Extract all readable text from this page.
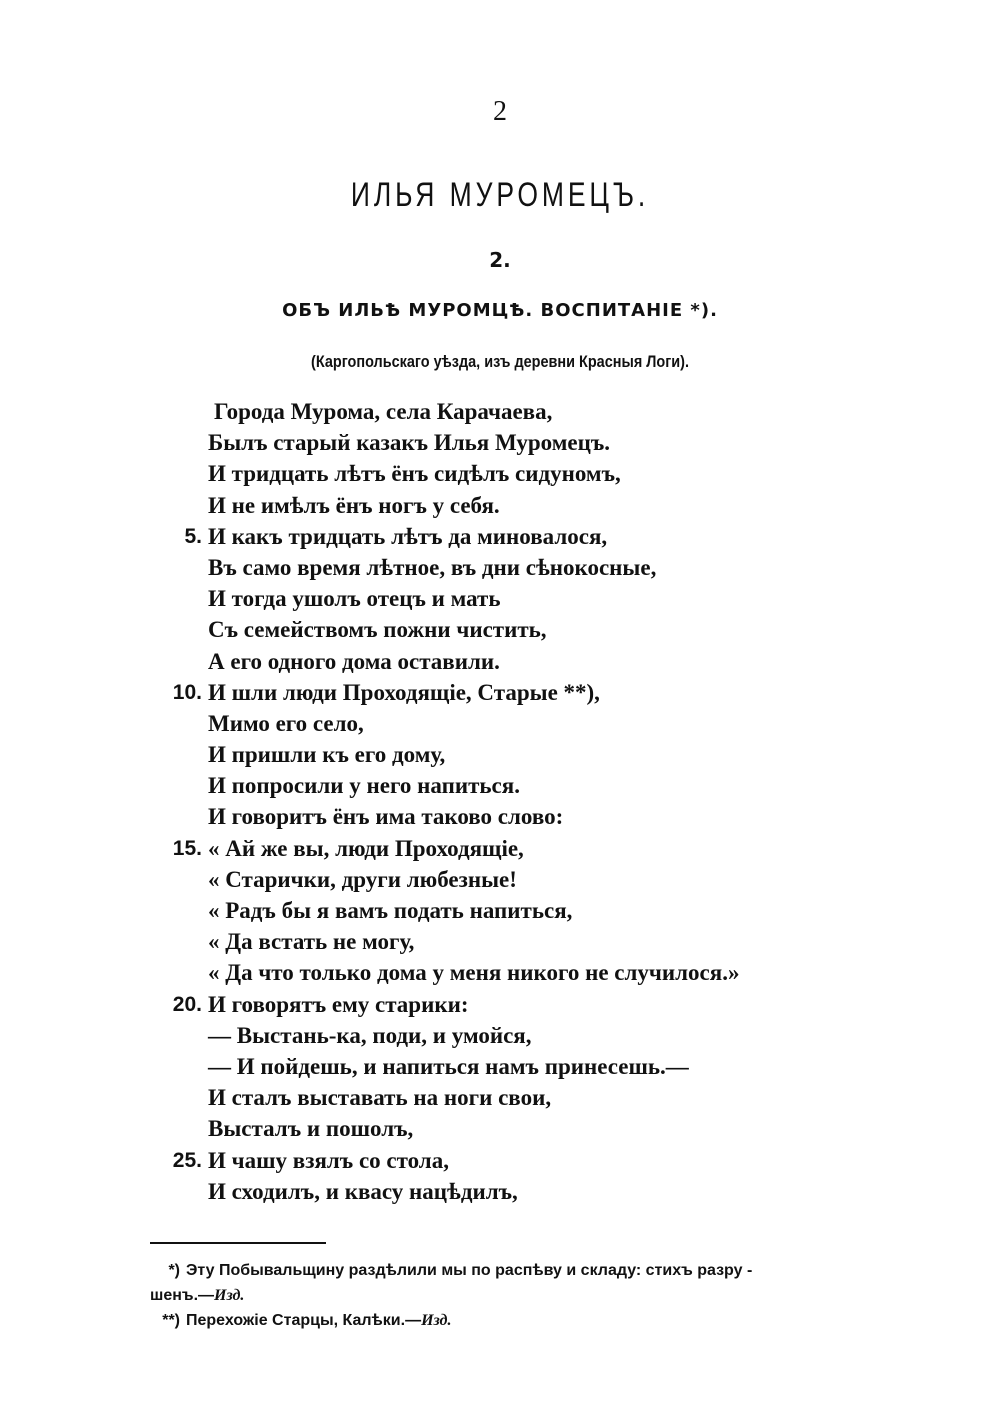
2
ИЛЬЯ МУРОМЕЦЪ.
2.
ОБЪ ИЛЬѢ МУРОМЦѢ. ВОСПИТАНІЕ *).
(Каргопольскаго уѣзда, изъ деревни Красныя Логи).
Города Мурома, села Карачаева,
Былъ старый казакъ Илья Муромецъ.
И тридцать лѣтъ ёнъ сидѣлъ сидуномъ,
И не имѣлъ ёнъ ногъ у себя.
5. И какъ тридцать лѣтъ да миновалося,
Въ само время лѣтное, въ дни сѣнокосные,
И тогда ушолъ отецъ и мать
Съ семействомъ пожни чистить,
А его одного дома оставили.
10. И шли люди Проходящіе, Старые **),
Мимо его село,
И пришли къ его дому,
И попросили у него напиться.
И говоритъ ёнъ има таково слово:
15. « Ай же вы, люди Проходящіе,
« Старички, други любезные!
« Радъ бы я вамъ подать напиться,
« Да встать не могу,
« Да что только дома у меня никого не случилося.»
20. И говорятъ ему старики:
— Выстань-ка, поди, и умойся,
— И пойдешь, и напиться намъ принесешь.—
И сталъ выставать на ноги свои,
Высталъ и пошолъ,
25. И чашу взялъ со стола,
И сходилъ, и квасу нацѣдилъ,
*) Эту Побывальщину раздѣлили мы по распѣву и складу: стихъ разру -
шенъ.—Изд.
**) Перехожіе Старцы, Калѣки.—Изд.
